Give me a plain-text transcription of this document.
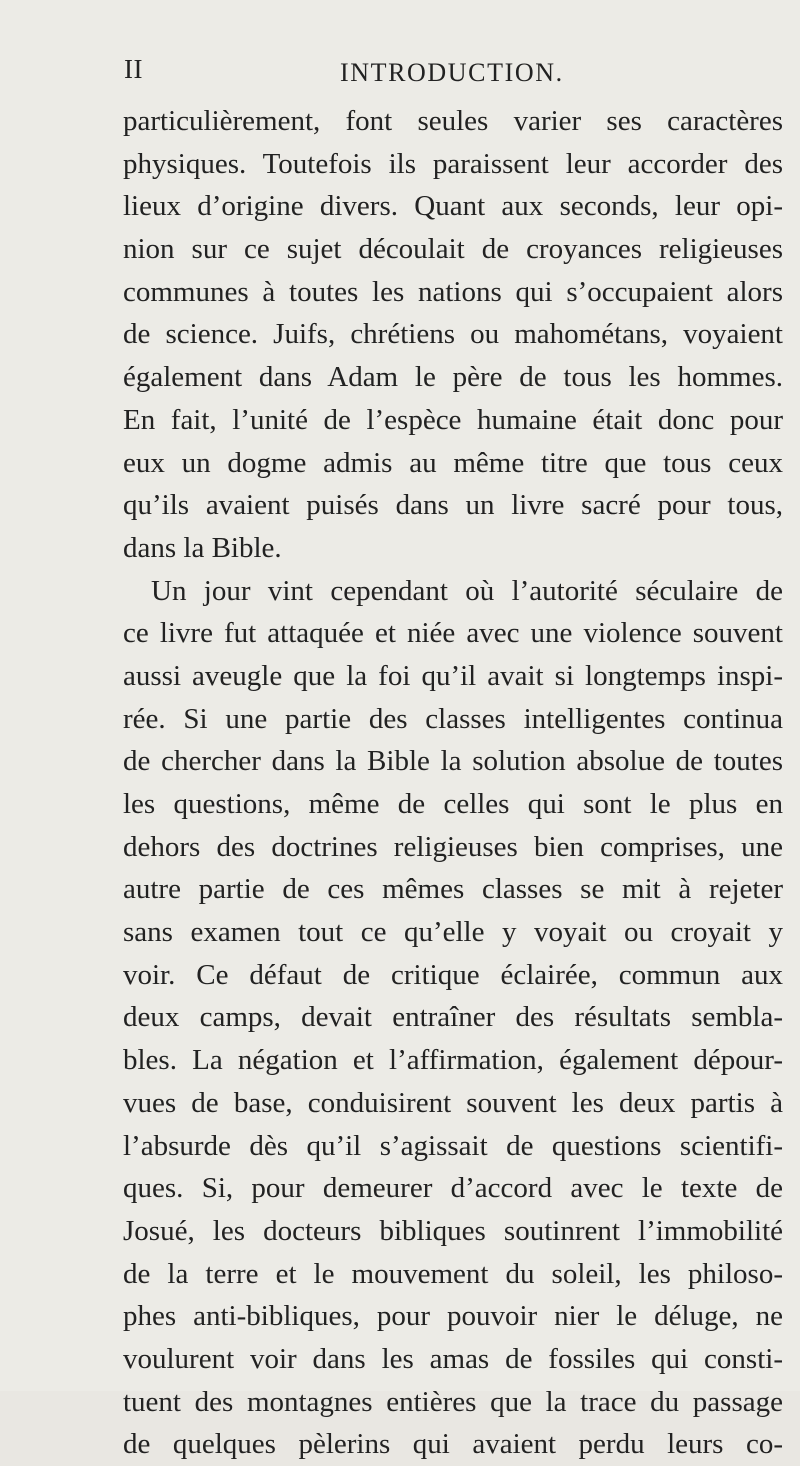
II	INTRODUCTION.
particulièrement, font seules varier ses caractères
physiques. Toutefois ils paraissent leur accorder des
lieux d’origine divers. Quant aux seconds, leur opi-
nion sur ce sujet découlait de croyances religieuses
communes à toutes les nations qui s’occupaient alors
de science. Juifs, chrétiens ou mahométans, voyaient
également dans Adam le père de tous les hommes.
En fait, l’unité de l’espèce humaine était donc pour
eux un dogme admis au même titre que tous ceux
qu’ils avaient puisés dans un livre sacré pour tous,
dans la Bible.
Un jour vint cependant où l’autorité séculaire de
ce livre fut attaquée et niée avec une violence souvent
aussi aveugle que la foi qu’il avait si longtemps inspi-
rée. Si une partie des classes intelligentes continua
de chercher dans la Bible la solution absolue de toutes
les questions, même de celles qui sont le plus en
dehors des doctrines religieuses bien comprises, une
autre partie de ces mêmes classes se mit à rejeter
sans examen tout ce qu’elle y voyait ou croyait y
voir. Ce défaut de critique éclairée, commun aux
deux camps, devait entraîner des résultats sembla-
bles. La négation et l’affirmation, également dépour-
vues de base, conduisirent souvent les deux partis à
l’absurde dès qu’il s’agissait de questions scientifi-
ques. Si, pour demeurer d’accord avec le texte de
Josué, les docteurs bibliques soutinrent l’immobilité
de la terre et le mouvement du soleil, les philoso-
phes anti-bibliques, pour pouvoir nier le déluge, ne
voulurent voir dans les amas de fossiles qui consti-
tuent des montagnes entières que la trace du passage
de quelques pèlerins qui avaient perdu leurs co-
